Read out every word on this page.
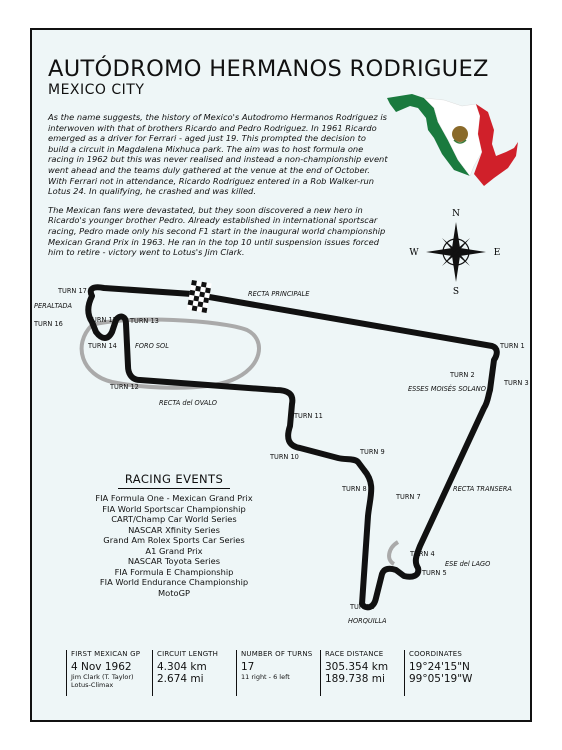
AUTÓDROMO HERMANOS RODRIGUEZ
MEXICO CITY

As the name suggests, the history of Mexico's Autodromo Hermanos Rodriguez is interwoven with that of brothers Ricardo and Pedro Rodriguez. In 1961 Ricardo emerged as a driver for Ferrari - aged just 19. This prompted the decision to build a circuit in Magdalena Mixhuca park. The aim was to host formula one racing in 1962 but this was never realised and instead a non-championship event went ahead and the teams duly gathered at the venue at the end of October. With Ferrari not in attendance, Ricardo Rodriguez entered in a Rob Walker-run Lotus 24. In qualifying, he crashed and was killed.

The Mexican fans were devastated, but they soon discovered a new hero in Ricardo's younger brother Pedro. Already established in international sportscar racing, Pedro made only his second F1 start in the inaugural world championship Mexican Grand Prix in 1963. He ran in the top 10 until suspension issues forced him to retire - victory went to Lotus's Jim Clark.

N
E
S
W
TURN 17
PERALTADA
TURN 16	TURN 15 TURN 13
TURN 14	FORO SOL
TURN 12
RECTA del OVALO
RECTA PRINCIPALE
TURN 1
TURN 2
TURN 3
ESSES MOISÉS SOLANO
TURN 11
TURN 10
TURN 9
TURN 8
TURN 7
RECTA TRANSERA
TURN 4
ESE del LAGO
TURN 5
TURN 6
HORQUILLA
RACING EVENTS
FIA Formula One - Mexican Grand Prix
FIA World Sportscar Championship
CART/Champ Car World Series
NASCAR Xfinity Series
Grand Am Rolex Sports Car Series
A1 Grand Prix
NASCAR Toyota Series
FIA Formula E Championship
FIA World Endurance Championship
MotoGP
FIRST MEXICAN GP
4 Nov 1962
Jim Clark (T. Taylor)
Lotus-Climax
CIRCUIT LENGTH
4.304 km
2.674 mi
NUMBER OF TURNS
17
11 right - 6 left
RACE DISTANCE
305.354 km
189.738 mi
COORDINATES
19°24'15"N
99°05'19"W
